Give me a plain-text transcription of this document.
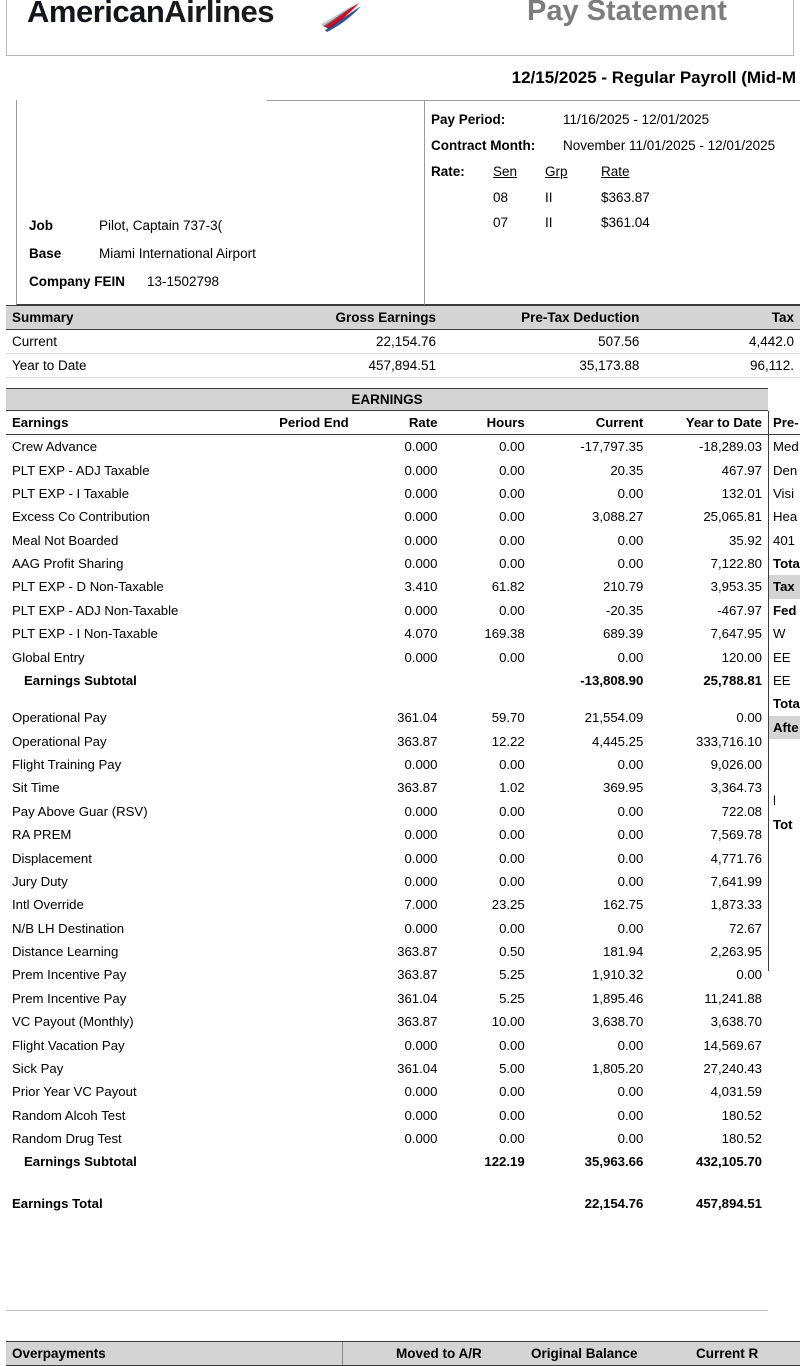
AmericanAirlines	Pay Statement
12/15/2025 - Regular Payroll (Mid-M
Job	Pilot, Captain 737-3(
Base	Miami International Airport
Company FEIN 13-1502798
Pay Period:	11/16/2025 - 12/01/2025
Contract Month: November 11/01/2025 - 12/01/2025
Rate: Sen Grp Rate
08	II	$363.87
07	II	$361.04
Summary	Gross Earnings	Pre-Tax Deduction	Tax
Current	22,154.76	507.56	4,442.0
Year to Date	457,894.51	35,173.88	96,112.
EARNINGS
Earnings	Period End	Rate	Hours	Current	Year to Date
Crew Advance		0.000	0.00	-17,797.35	-18,289.03
PLT EXP - ADJ Taxable		0.000	0.00	20.35	467.97
PLT EXP - I Taxable		0.000	0.00	0.00	132.01
Excess Co Contribution		0.000	0.00	3,088.27	25,065.81
Meal Not Boarded		0.000	0.00	0.00	35.92
AAG Profit Sharing		0.000	0.00	0.00	7,122.80
PLT EXP - D Non-Taxable		3.410	61.82	210.79	3,953.35
PLT EXP - ADJ Non-Taxable		0.000	0.00	-20.35	-467.97
PLT EXP - I Non-Taxable		4.070	169.38	689.39	7,647.95
Global Entry		0.000	0.00	0.00	120.00
Earnings Subtotal				-13,808.90	25,788.81

Operational Pay		361.04	59.70	21,554.09	0.00
Operational Pay		363.87	12.22	4,445.25	333,716.10
Flight Training Pay		0.000	0.00	0.00	9,026.00
Sit Time		363.87	1.02	369.95	3,364.73
Pay Above Guar (RSV)		0.000	0.00	0.00	722.08
RA PREM		0.000	0.00	0.00	7,569.78
Displacement		0.000	0.00	0.00	4,771.76
Jury Duty		0.000	0.00	0.00	7,641.99
Intl Override		7.000	23.25	162.75	1,873.33
N/B LH Destination		0.000	0.00	0.00	72.67
Distance Learning		363.87	0.50	181.94	2,263.95
Prem Incentive Pay		363.87	5.25	1,910.32	0.00
Prem Incentive Pay		361.04	5.25	1,895.46	11,241.88
VC Payout (Monthly)		363.87	10.00	3,638.70	3,638.70
Flight Vacation Pay		0.000	0.00	0.00	14,569.67
Sick Pay		361.04	5.00	1,805.20	27,240.43
Prior Year VC Payout		0.000	0.00	0.00	4,031.59
Random Alcoh Test		0.000	0.00	0.00	180.52
Random Drug Test		0.000	0.00	0.00	180.52
Earnings Subtotal			122.19	35,963.66	432,105.70

Earnings Total				22,154.76	457,894.51
Pre-
Med
Den
Visi
Hea
401
Tota
Tax
Fed
W
EE
EE
Tota
Afte
l
Tot
Overpayments	Moved to A/R	Original Balance	Current R
